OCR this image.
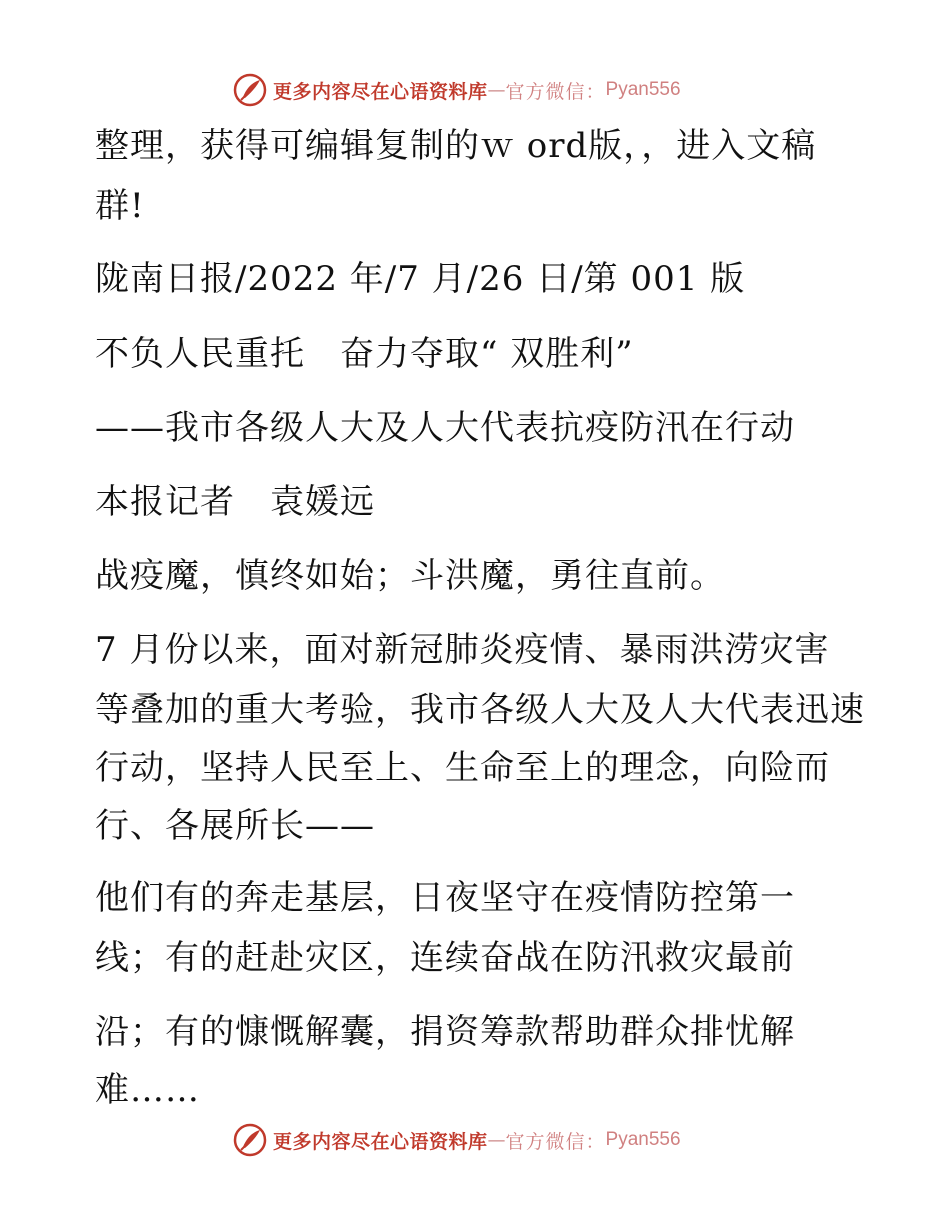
更多内容尽在心语资料库 — 官方微信： Pyan556
整理，获得可编辑复制的ｗ ord版，，进入文稿
群!
陇南日报/2022 年/7 月/26 日/第 001 版
不负人民重托　奋力夺取“ 双胜利”
——我市各级人大及人大代表抗疫防汛在行动
本报记者　袁媛远
战疫魔，慎终如始；斗洪魔，勇往直前。
7 月份以来，面对新冠肺炎疫情、暴雨洪涝灾害
等叠加的重大考验，我市各级人大及人大代表迅速
行动，坚持人民至上、生命至上的理念，向险而
行、各展所长——
他们有的奔走基层，日夜坚守在疫情防控第一
线；有的赶赴灾区，连续奋战在防汛救灾最前
沿；有的慷慨解囊，捐资筹款帮助群众排忧解
难……
更多内容尽在心语资料库 — 官方微信： Pyan556
